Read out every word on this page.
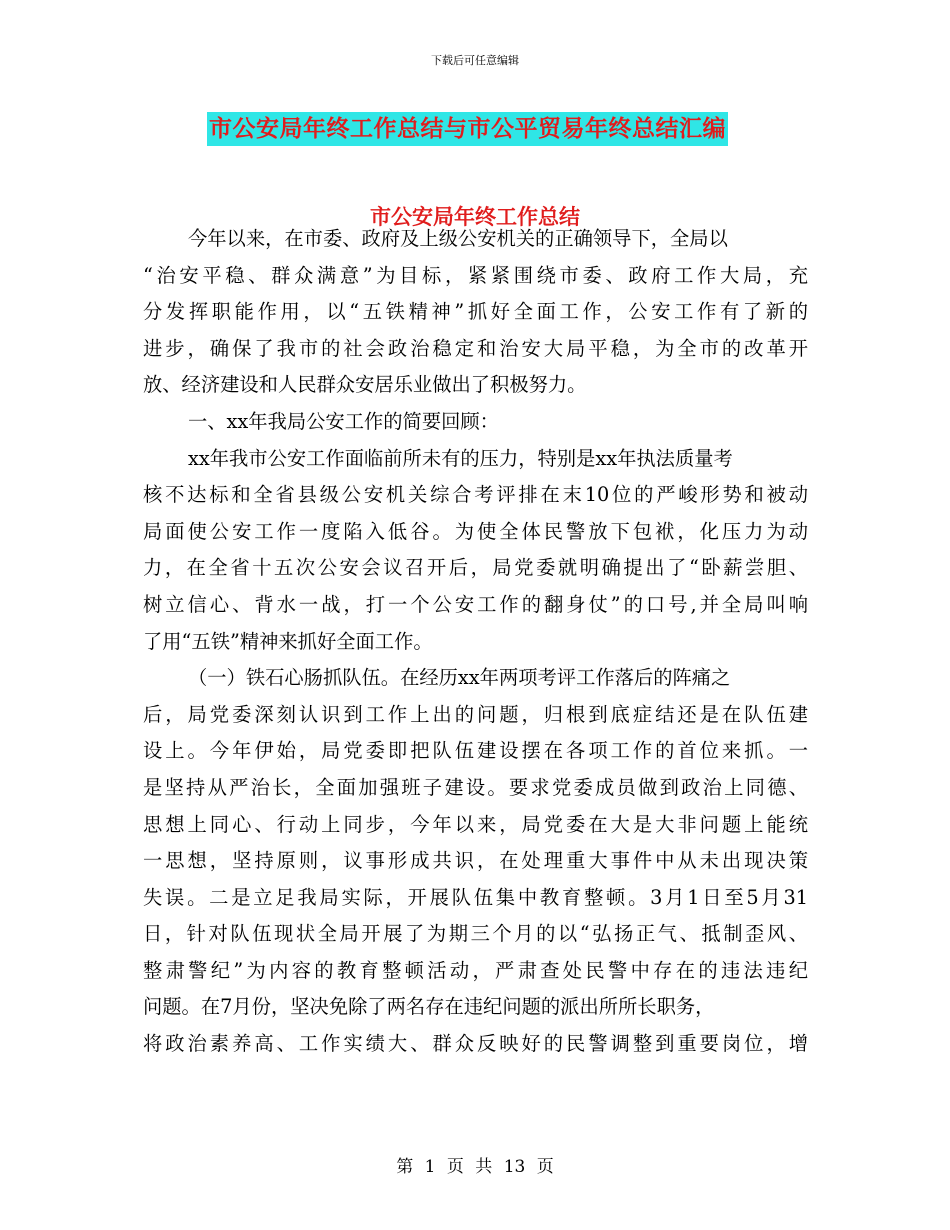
下载后可任意编辑
市公安局年终工作总结与市公平贸易年终总结汇编
市公安局年终工作总结
今年以来，在市委、政府及上级公安机关的正确领导下，全局以
“治安平稳、群众满意”为目标，紧紧围绕市委、政府工作大局，充
分发挥职能作用，以“五铁精神”抓好全面工作，公安工作有了新的
进步，确保了我市的社会政治稳定和治安大局平稳，为全市的改革开
放、经济建设和人民群众安居乐业做出了积极努力。
一、xx年我局公安工作的简要回顾：
xx年我市公安工作面临前所未有的压力，特别是xx年执法质量考
核不达标和全省县级公安机关综合考评排在末10位的严峻形势和被动
局面使公安工作一度陷入低谷。为使全体民警放下包袱，化压力为动
力，在全省十五次公安会议召开后，局党委就明确提出了“卧薪尝胆、
树立信心、背水一战，打一个公安工作的翻身仗”的口号,并全局叫响
了用“五铁”精神来抓好全面工作。
（一）铁石心肠抓队伍。在经历xx年两项考评工作落后的阵痛之
后，局党委深刻认识到工作上出的问题，归根到底症结还是在队伍建
设上。今年伊始，局党委即把队伍建设摆在各项工作的首位来抓。一
是坚持从严治长，全面加强班子建设。要求党委成员做到政治上同德、
思想上同心、行动上同步，今年以来，局党委在大是大非问题上能统
一思想，坚持原则，议事形成共识，在处理重大事件中从未出现决策
失误。二是立足我局实际，开展队伍集中教育整顿。3月1日至5月31
日，针对队伍现状全局开展了为期三个月的以“弘扬正气、抵制歪风、
整肃警纪”为内容的教育整顿活动，严肃查处民警中存在的违法违纪
问题。在7月份，坚决免除了两名存在违纪问题的派出所所长职务，
将政治素养高、工作实绩大、群众反映好的民警调整到重要岗位，增
第 1 页 共 13 页
